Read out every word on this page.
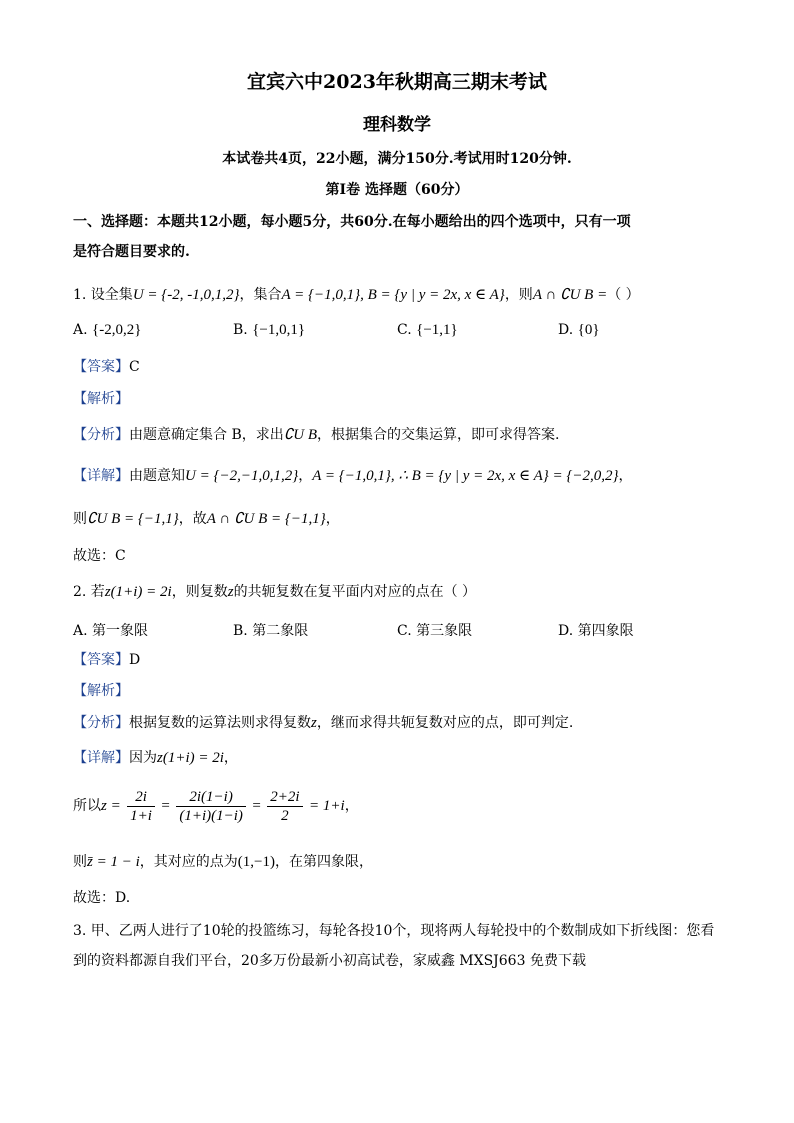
宜宾六中2023年秋期高三期末考试
理科数学
本试卷共4页，22小题，满分150分.考试用时120分钟.
第Ⅰ卷 选择题（60分）
一、选择题：本题共12小题，每小题5分，共60分.在每小题给出的四个选项中，只有一项
是符合题目要求的.
1. 设全集U = {-2, -1,0,1,2}，集合A = {−1,0,1}, B = {y | y = 2x, x ∈ A}，则A ∩ ∁U B =（ ）
A. {-2,0,2}	B. {−1,0,1}	C. {−1,1}	D. {0}
【答案】C
【解析】
【分析】由题意确定集合 B，求出∁U B，根据集合的交集运算，即可求得答案.
【详解】由题意知U = {−2,−1,0,1,2}，A = {−1,0,1}, ∴ B = {y | y = 2x, x ∈ A} = {−2,0,2}，
则∁U B = {−1,1}，故A ∩ ∁U B = {−1,1}，
故选：C
2. 若z(1+i) = 2i，则复数z的共轭复数在复平面内对应的点在（ ）
A. 第一象限	B. 第二象限	C. 第三象限	D. 第四象限
【答案】D
【解析】
【分析】根据复数的运算法则求得复数z，继而求得共轭复数对应的点，即可判定.
【详解】因为z(1+i) = 2i，
所以$z = \frac{2i}{1+i} = \frac{2i(1-i)}{(1+i)(1-i)} = \frac{2+2i}{2} = 1+i$，
则z̄ = 1 − i，其对应的点为(1,−1)，在第四象限，
故选：D.
3. 甲、乙两人进行了10轮的投篮练习，每轮各投10个，现将两人每轮投中的个数制成如下折线图：您看
到的资料都源自我们平台，20多万份最新小初高试卷，家威鑫 MXSJ663 免费下载
